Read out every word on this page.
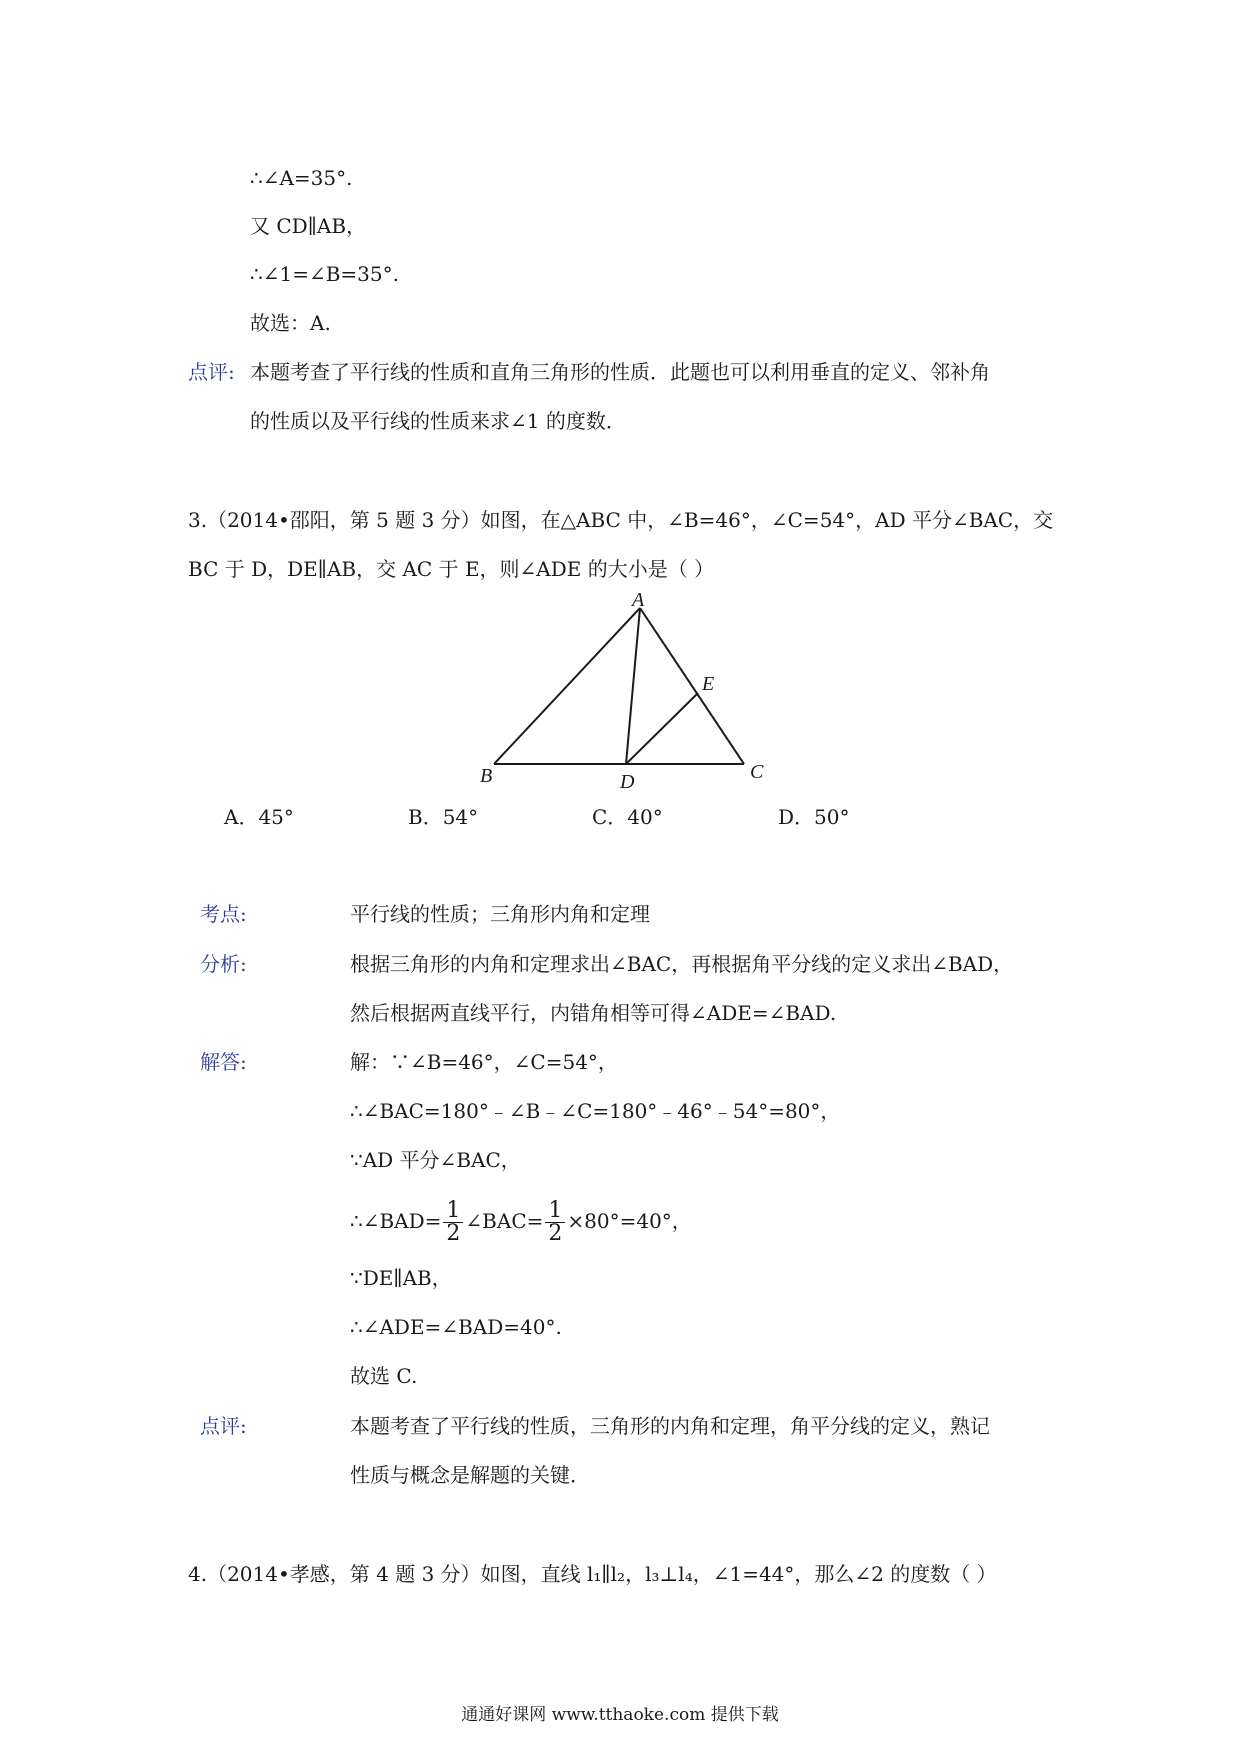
∴∠A=35°.
又 CD∥AB，
∴∠1=∠B=35°.
故选：A.
点评: 本题考查了平行线的性质和直角三角形的性质．此题也可以利用垂直的定义、邻补角
的性质以及平行线的性质来求∠1 的度数．
3.（2014•邵阳，第 5 题 3 分）如图，在△ABC 中，∠B=46°，∠C=54°，AD 平分∠BAC，交
BC 于 D，DE∥AB，交 AC 于 E，则∠ADE 的大小是（ ）
A
B	C
D
E
A．45°	B．54°	C．40°	D．50°
考点:	平行线的性质；三角形内角和定理
分析:	根据三角形的内角和定理求出∠BAC，再根据角平分线的定义求出∠BAD，
然后根据两直线平行，内错角相等可得∠ADE=∠BAD.
解答:	解：∵∠B=46°，∠C=54°，
∴∠BAC=180°﹣∠B﹣∠C=180°﹣46°﹣54°=80°，
∵AD 平分∠BAC，
∴∠BAD= $\frac{1}{2}$ ∠BAC= $\frac{1}{2} \times 80^\circ=40^\circ$，
∵DE∥AB，
∴∠ADE=∠BAD=40°.
故选 C.
点评:	本题考查了平行线的性质，三角形的内角和定理，角平分线的定义，熟记
性质与概念是解题的关键．
4.（2014•孝感，第 4 题 3 分）如图，直线 l₁∥l₂，l₃⊥l₄，∠1=44°，那么∠2 的度数（ ）
通通好课网 www.tthaoke.com 提供下载
